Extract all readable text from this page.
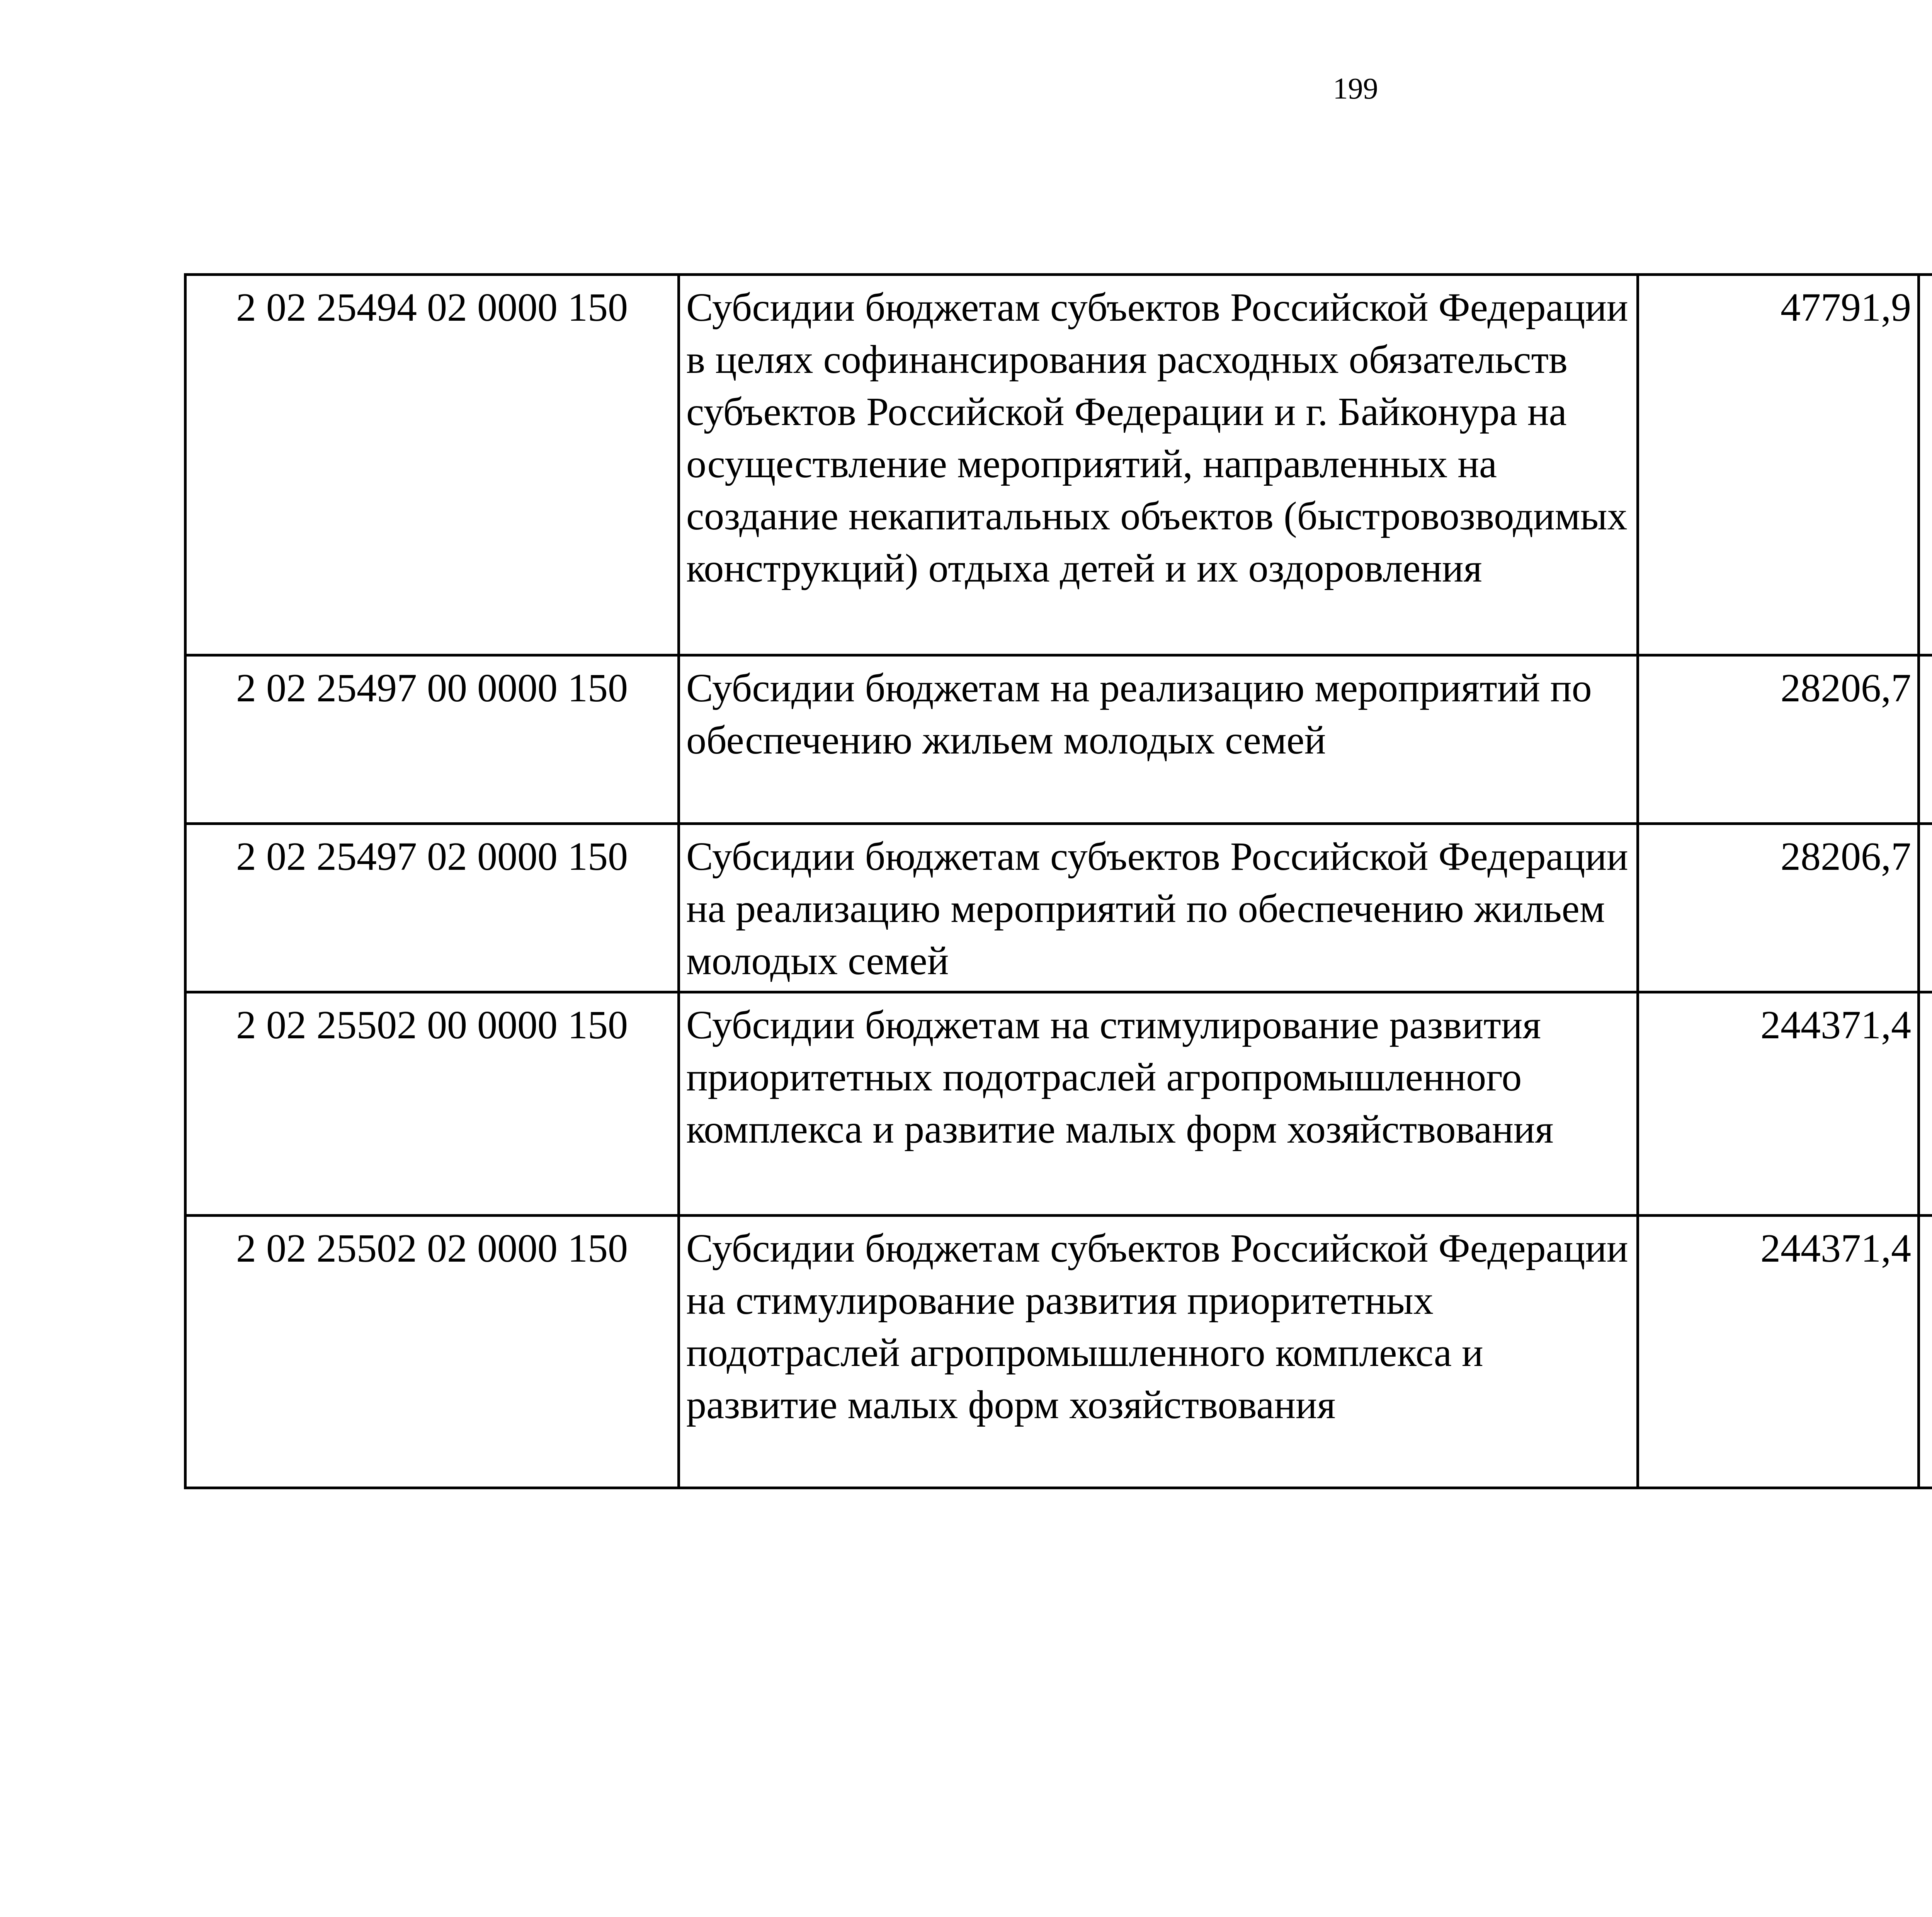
199
2 02 25494 02 0000 150	Субсидии бюджетам субъектов Российской Федерации в целях софинансирования расходных обязательств субъектов Российской Федерации и г. Байконура на осуществление мероприятий, направленных на создание некапитальных объектов (быстровозводимых конструкций) отдыха детей и их оздоровления	47791,9		
2 02 25497 00 0000 150	Субсидии бюджетам на реализацию мероприятий по обеспечению жильем молодых семей	28206,7		
2 02 25497 02 0000 150	Субсидии бюджетам субъектов Российской Федерации на реализацию мероприятий по обеспечению жильем молодых семей	28206,7		
2 02 25502 00 0000 150	Субсидии бюджетам на стимулирование развития приоритетных подотраслей агропромышленного комплекса и развитие малых форм хозяйствования	244371,4		
2 02 25502 02 0000 150	Субсидии бюджетам субъектов Российской Федерации на стимулирование развития приоритетных подотраслей агропромышленного комплекса и развитие малых форм хозяйствования	244371,4		
